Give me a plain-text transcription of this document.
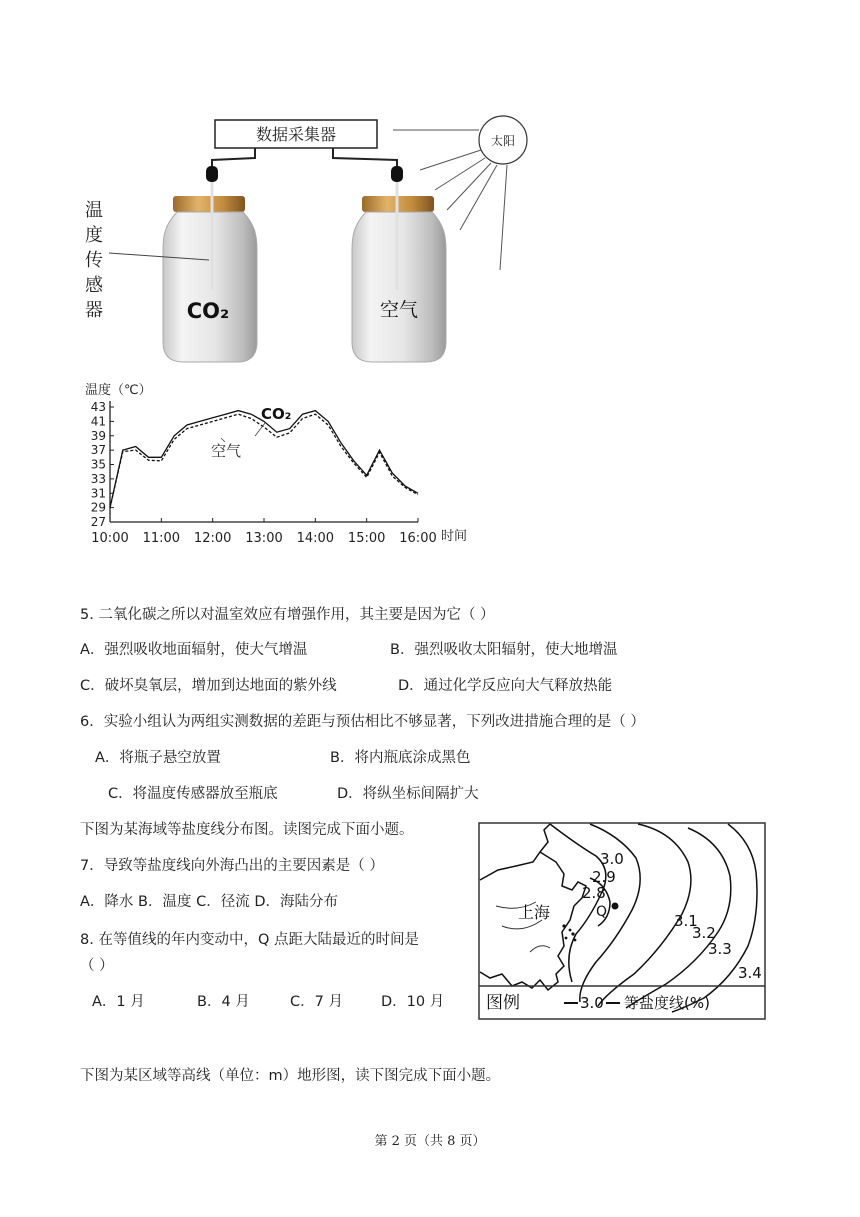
数据采集器	太阳
CO₂	空气
温
度
传
感
器
温度（℃）
时间
43
41
39
37
35
33
31
29
27
10:00 11:00 12:00 13:00 14:00 15:00 16:00
CO₂
空气
5. 二氧化碳之所以对温室效应有增强作用，其主要是因为它（ ）
A．强烈吸收地面辐射，使大气增温	B．强烈吸收太阳辐射，使大地增温
C．破坏臭氧层，增加到达地面的紫外线	D．通过化学反应向大气释放热能
6．实验小组认为两组实测数据的差距与预估相比不够显著，下列改进措施合理的是（ ）
A．将瓶子悬空放置	B．将内瓶底涂成黑色
C．将温度传感器放至瓶底	D．将纵坐标间隔扩大
下图为某海域等盐度线分布图。读图完成下面小题。
7．导致等盐度线向外海凸出的主要因素是（ ）
A．降水 B．温度 C．径流 D．海陆分布
8. 在等值线的年内变动中，Q 点距大陆最近的时间是
（ ）
A．1 月	B．4 月	C．7 月	D．10 月
下图为某区域等高线（单位：m）地形图，读下图完成下面小题。
上海	Q
3.0
2.9
2.8
3.1
3.2
3.3
3.4
图例	3.0 等盐度线(%)
第 2 页（共 8 页）
